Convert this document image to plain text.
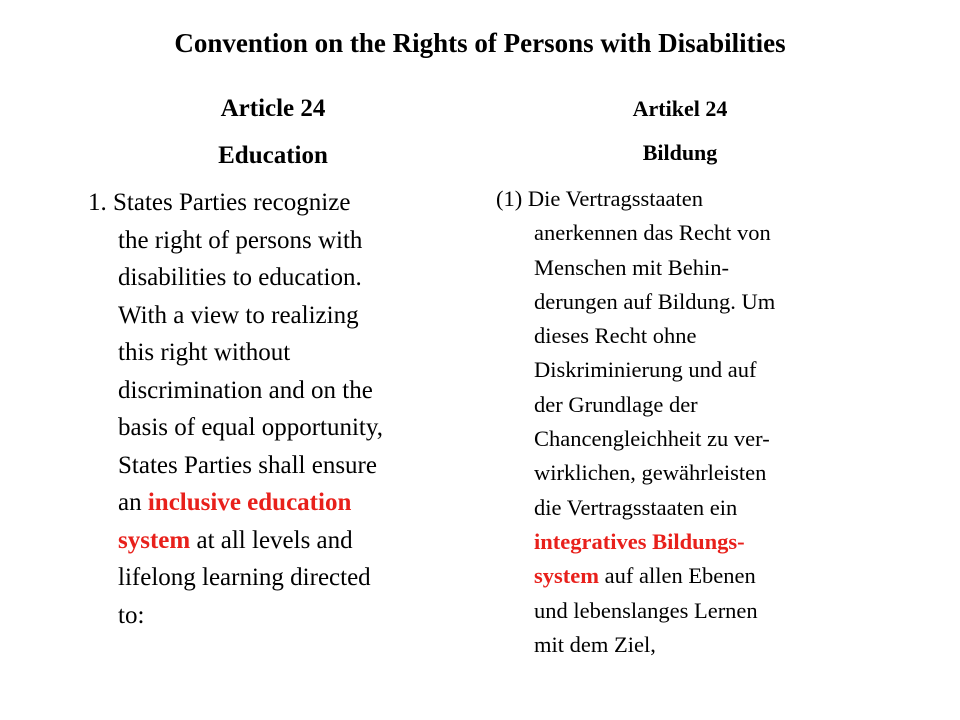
Convention on the Rights of Persons with Disabilities
Article 24
Education

1. States Parties recognize
the right of persons with
disabilities to education.
With a view to realizing
this right without
discrimination and on the
basis of equal opportunity,
States Parties shall ensure
an inclusive education
system at all levels and
lifelong learning directed
to:

Artikel 24
Bildung

(1) Die Vertragsstaaten
anerkennen das Recht von
Menschen mit Behin-
derungen auf Bildung. Um
dieses Recht ohne
Diskriminierung und auf
der Grundlage der
Chancengleichheit zu ver-
wirklichen, gewährleisten
die Vertragsstaaten ein
integratives Bildungs-
system auf allen Ebenen
und lebenslanges Lernen
mit dem Ziel,
